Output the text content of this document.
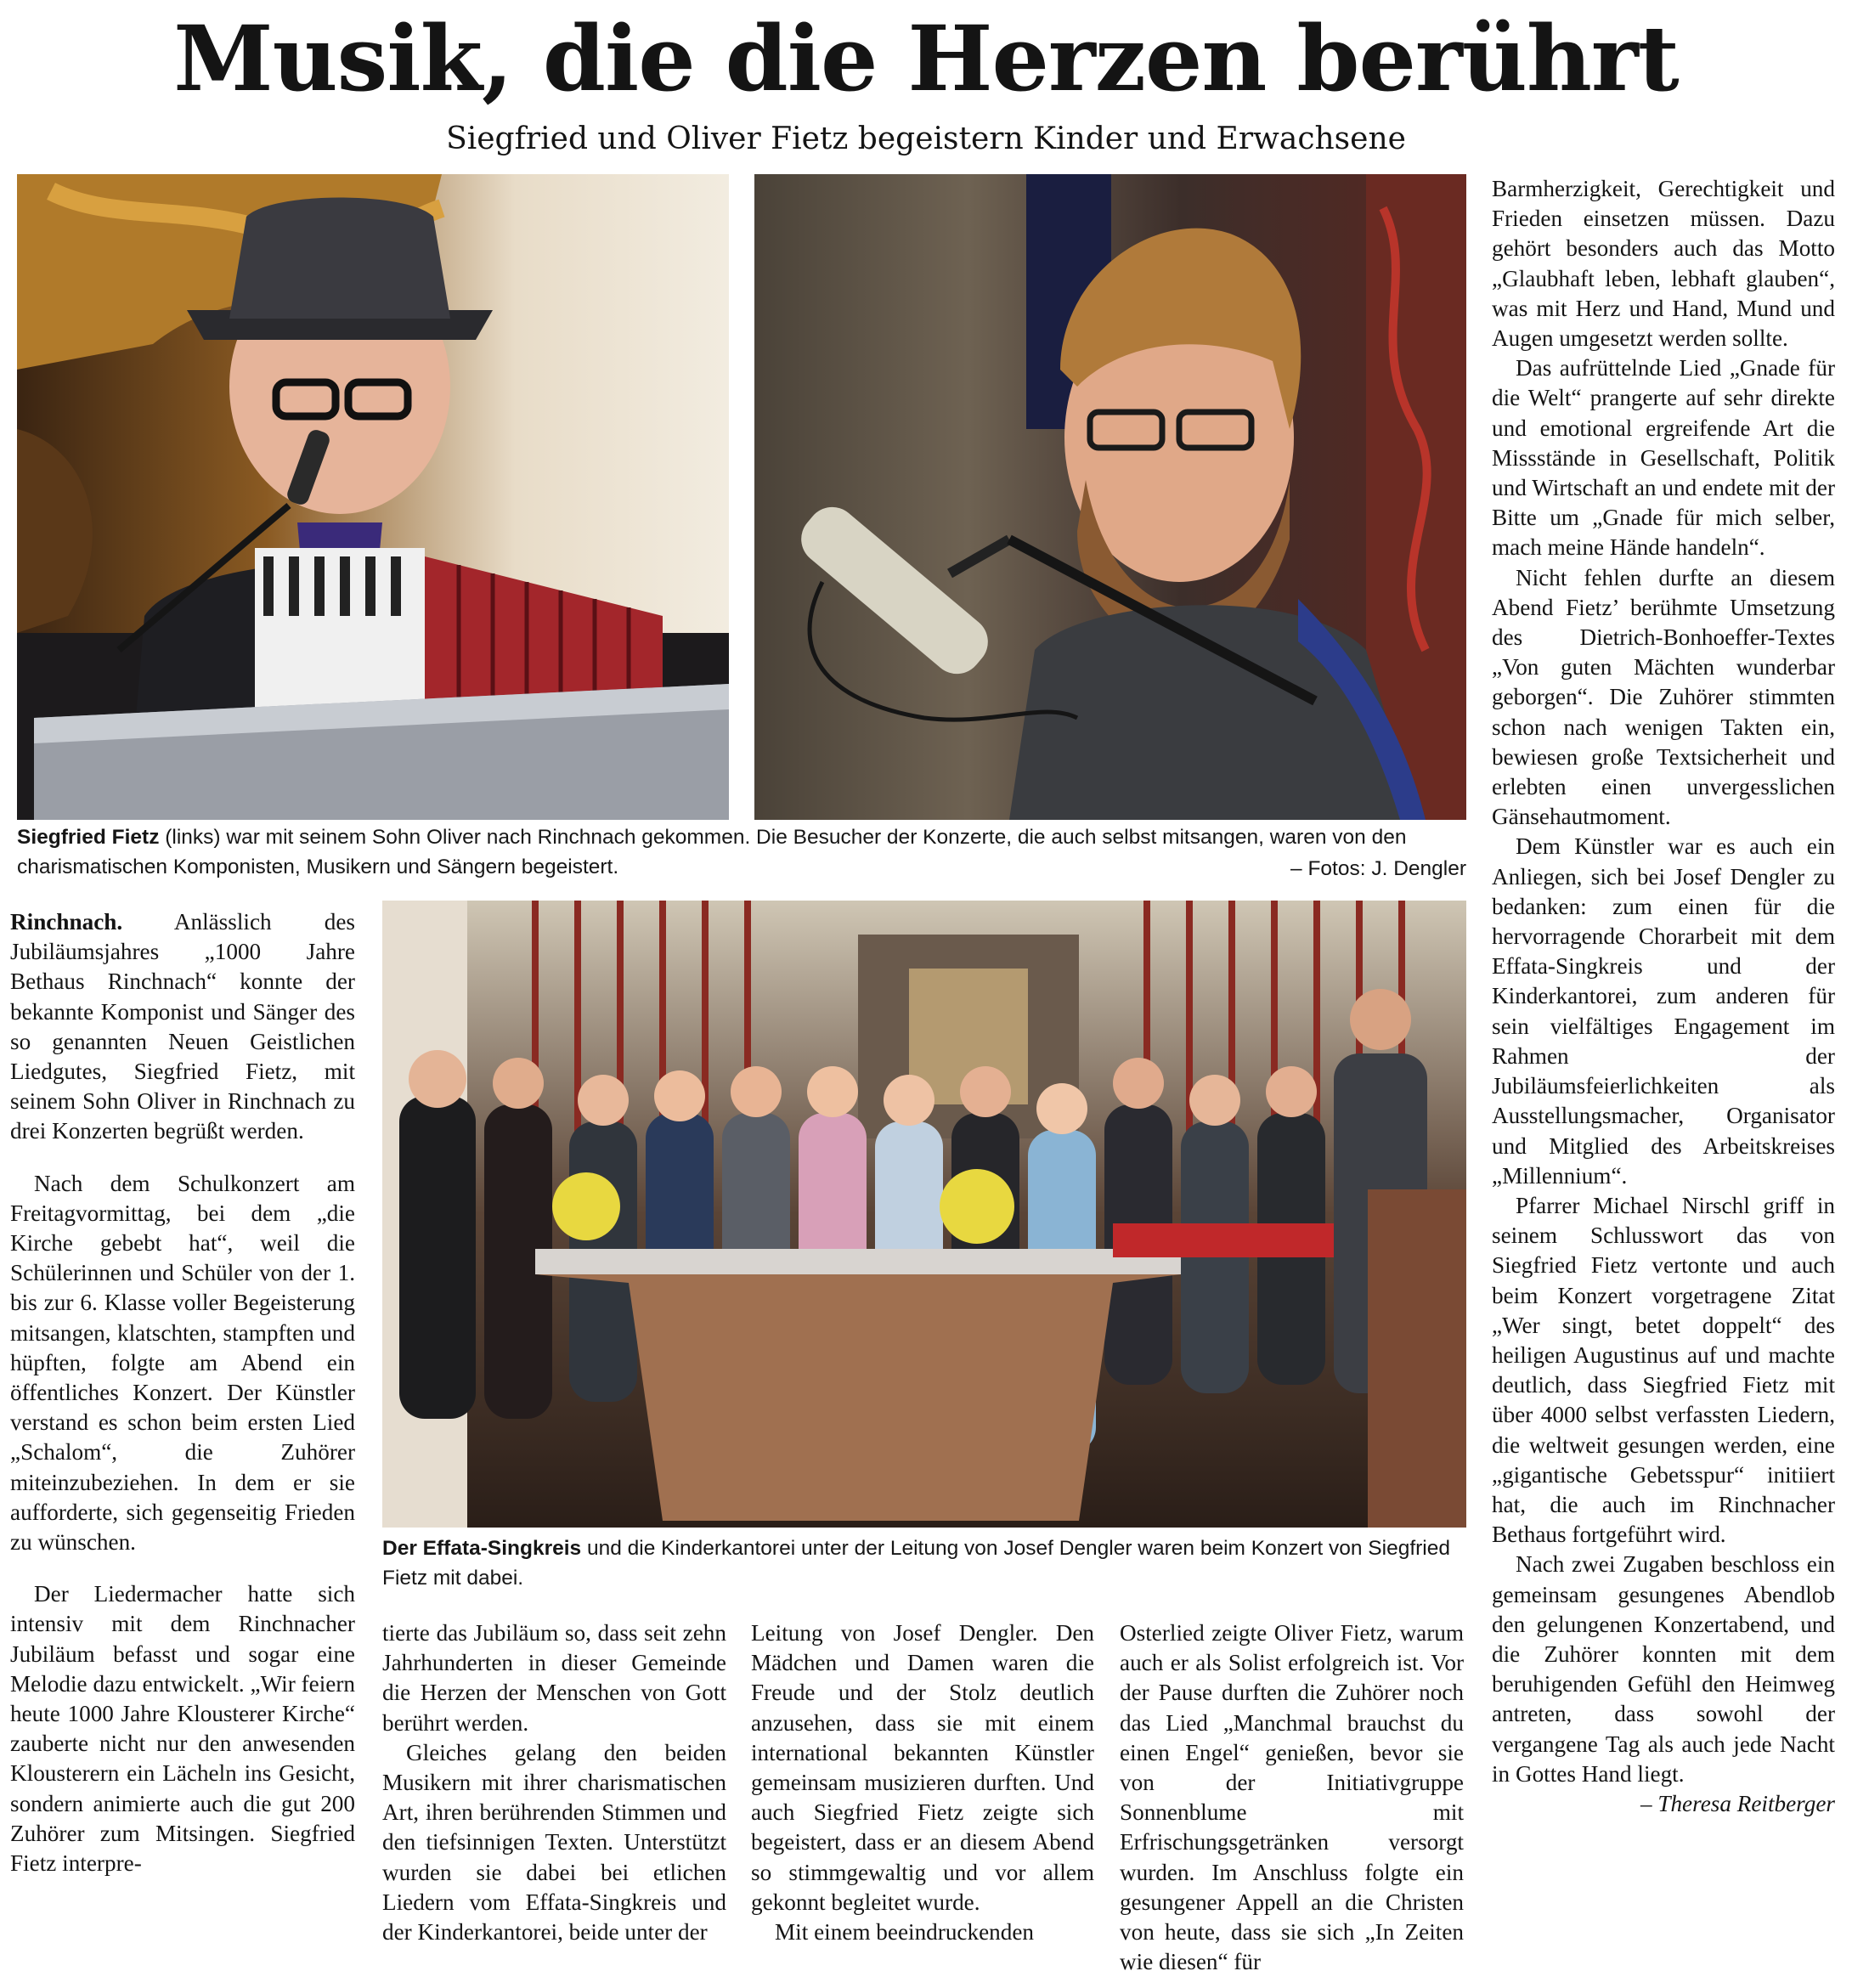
Musik, die die Herzen berührt
Siegfried und Oliver Fietz begeistern Kinder und Erwachsene
Siegfried Fietz (links) war mit seinem Sohn Oliver nach Rinchnach gekommen. Die Besucher der Konzerte, die auch selbst mitsangen, waren von den charismatischen Komponisten, Musikern und Sängern begeistert.	– Fotos: J. Dengler
Der Effata-Singkreis und die Kinderkantorei unter der Leitung von Josef Dengler waren beim Konzert von Siegfried Fietz mit dabei.

Rinchnach. Anlässlich des Jubiläumsjahres „1000 Jahre Bethaus Rinchnach“ konnte der bekannte Komponist und Sänger des so genannten Neuen Geistlichen Liedgutes, Siegfried Fietz, mit seinem Sohn Oliver in Rinchnach zu drei Konzerten begrüßt werden.

Nach dem Schulkonzert am Freitagvormittag, bei dem „die Kirche gebebt hat“, weil die Schülerinnen und Schüler von der 1. bis zur 6. Klasse voller Begeisterung mitsangen, klatschten, stampften und hüpften, folgte am Abend ein öffentliches Konzert. Der Künstler verstand es schon beim ersten Lied „Schalom“, die Zuhörer miteinzubeziehen. In dem er sie aufforderte, sich gegenseitig Frieden zu wünschen.

Der Liedermacher hatte sich intensiv mit dem Rinchnacher Jubiläum befasst und sogar eine Melodie dazu entwickelt. „Wir feiern heute 1000 Jahre Klousterer Kirche“ zauberte nicht nur den anwesenden Klousterern ein Lächeln ins Gesicht, sondern animierte auch die gut 200 Zuhörer zum Mitsingen. Siegfried Fietz interpre-

tierte das Jubiläum so, dass seit zehn Jahrhunderten in dieser Gemeinde die Herzen der Menschen von Gott berührt werden.

Gleiches gelang den beiden Musikern mit ihrer charismatischen Art, ihren berührenden Stimmen und den tiefsinnigen Texten. Unterstützt wurden sie dabei bei etlichen Liedern vom Effata-Singkreis und der Kinderkantorei, beide unter der

Leitung von Josef Dengler. Den Mädchen und Damen waren die Freude und der Stolz deutlich anzusehen, dass sie mit einem international bekannten Künstler gemeinsam musizieren durften. Und auch Siegfried Fietz zeigte sich begeistert, dass er an diesem Abend so stimmgewaltig und vor allem gekonnt begleitet wurde.

Mit einem beeindruckenden

Osterlied zeigte Oliver Fietz, warum auch er als Solist erfolgreich ist. Vor der Pause durften die Zuhörer noch das Lied „Manchmal brauchst du einen Engel“ genießen, bevor sie von der Initiativgruppe Sonnenblume mit Erfrischungsgetränken versorgt wurden. Im Anschluss folgte ein gesungener Appell an die Christen von heute, dass sie sich „In Zeiten wie diesen“ für

Barmherzigkeit, Gerechtigkeit und Frieden einsetzen müssen. Dazu gehört besonders auch das Motto „Glaubhaft leben, lebhaft glauben“, was mit Herz und Hand, Mund und Augen umgesetzt werden sollte.

Das aufrüttelnde Lied „Gnade für die Welt“ prangerte auf sehr direkte und emotional ergreifende Art die Missstände in Gesellschaft, Politik und Wirtschaft an und endete mit der Bitte um „Gnade für mich selber, mach meine Hände handeln“.

Nicht fehlen durfte an diesem Abend Fietz’ berühmte Umsetzung des Dietrich-Bonhoeffer-Textes „Von guten Mächten wunderbar geborgen“. Die Zuhörer stimmten schon nach wenigen Takten ein, bewiesen große Textsicherheit und erlebten einen unvergesslichen Gänsehautmoment.

Dem Künstler war es auch ein Anliegen, sich bei Josef Dengler zu bedanken: zum einen für die hervorragende Chorarbeit mit dem Effata-Singkreis und der Kinderkantorei, zum anderen für sein vielfältiges Engagement im Rahmen der Jubiläumsfeierlichkeiten als Ausstellungsmacher, Organisator und Mitglied des Arbeitskreises „Millennium“.

Pfarrer Michael Nirschl griff in seinem Schlusswort das von Siegfried Fietz vertonte und auch beim Konzert vorgetragene Zitat „Wer singt, betet doppelt“ des heiligen Augustinus auf und machte deutlich, dass Siegfried Fietz mit über 4000 selbst verfassten Liedern, die weltweit gesungen werden, eine „gigantische Gebetsspur“ initiiert hat, die auch im Rinchnacher Bethaus fortgeführt wird.

Nach zwei Zugaben beschloss ein gemeinsam gesungenes Abendlob den gelungenen Konzertabend, und die Zuhörer konnten mit dem beruhigenden Gefühl den Heimweg antreten, dass sowohl der vergangene Tag als auch jede Nacht in Gottes Hand liegt.

– Theresa Reitberger
